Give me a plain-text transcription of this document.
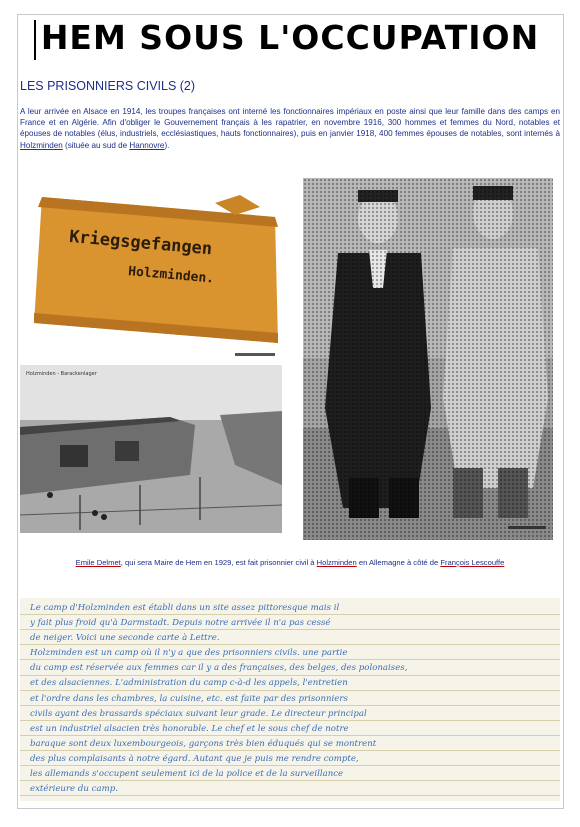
HEM SOUS L'OCCUPATION
LES PRISONNIERS CIVILS (2)
A leur arrivée en Alsace en 1914, les troupes françaises ont interné les fonctionnaires impériaux en poste ainsi que leur famille dans des camps en France et en Algérie. Afin d'obliger le Gouvernement français à les rapatrier, en novembre 1916, 300 hommes et femmes du Nord, notables et épouses de notables (élus, industriels, ecclésiastiques, hauts fonctionnaires), puis en janvier 1918, 400 femmes épouses de notables, sont internés à Holzminden (située au sud de Hannovre).
Kriegsgefangen
Holzminden.
Holzminden - Barackenlager
Emile Delmet, qui sera Maire de Hem en 1929, est fait prisonnier civil à Holzminden en Allemagne à côté de François Lescouffe

Le camp d'Holzminden est établi dans un site assez pittoresque mais il

y fait plus froid qu'à Darmstadt. Depuis notre arrivée il n'a pas cessé

de neiger. Voici une seconde carte à Lettre.

Holzminden est un camp où il n'y a que des prisonniers civils. une partie

du camp est réservée aux femmes car il y a des françaises, des belges, des polonaises,

et des alsaciennes. L'administration du camp c-à-d les appels, l'entretien

et l'ordre dans les chambres, la cuisine, etc. est faite par des prisonniers

civils ayant des brassards spéciaux suivant leur grade. Le directeur principal

est un industriel alsacien très honorable. Le chef et le sous chef de notre

baraque sont deux luxembourgeois, garçons très bien éduqués qui se montrent

des plus complaisants à notre égard. Autant que je puis me rendre compte,

les allemands s'occupent seulement ici de la police et de la surveillance

extérieure du camp.
